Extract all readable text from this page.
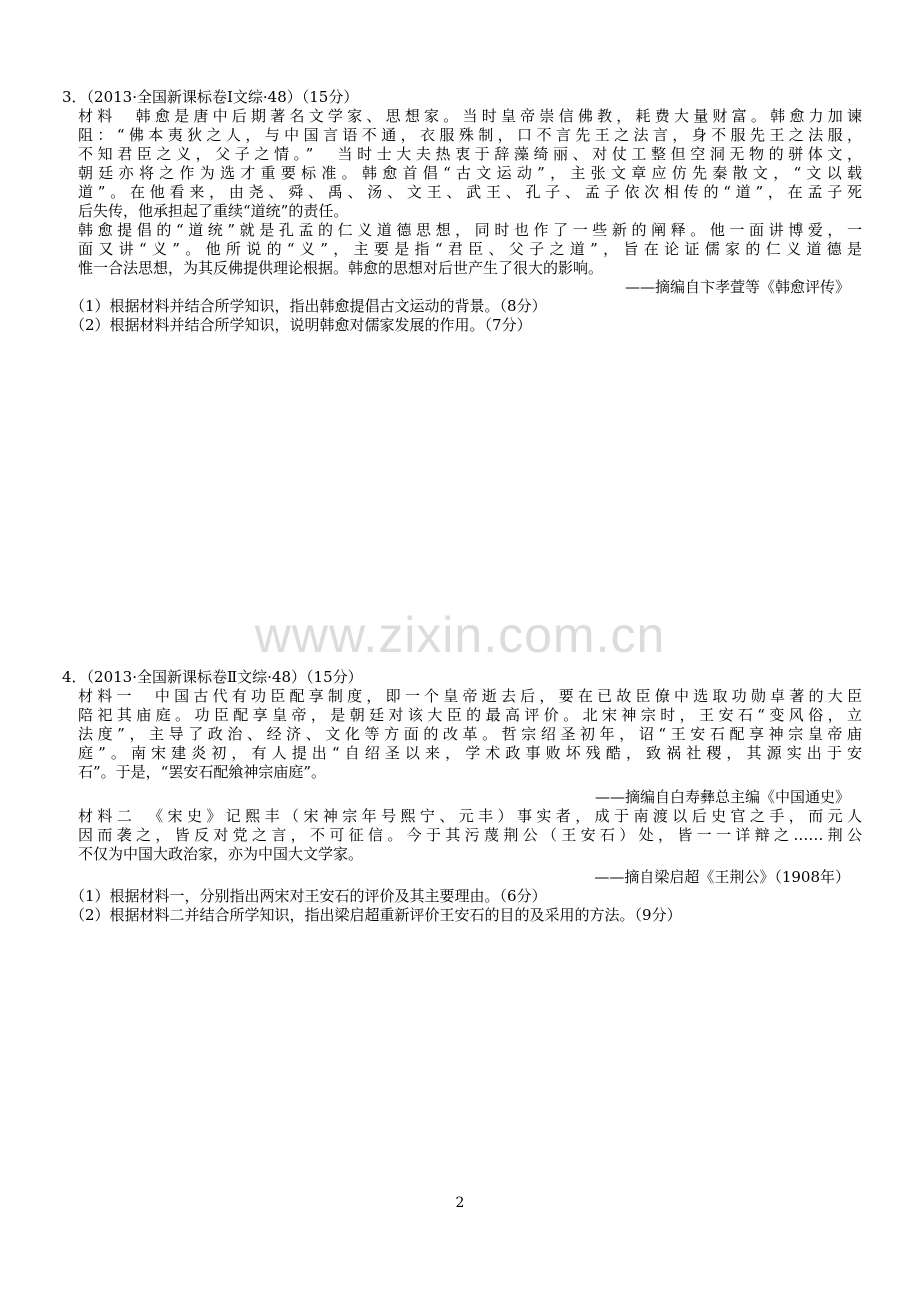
3．（2013·全国新课标卷Ⅰ文综·48）（15分）
材料　韩愈是唐中后期著名文学家、思想家。当时皇帝崇信佛教，耗费大量财富。韩愈力加谏
阻：“佛本夷狄之人，与中国言语不通，衣服殊制，口不言先王之法言，身不服先王之法服，
不知君臣之义，父子之情。”　当时士大夫热衷于辞藻绮丽、对仗工整但空洞无物的骈体文，
朝廷亦将之作为选才重要标准。韩愈首倡“古文运动”，主张文章应仿先秦散文，“文以载
道”。在他看来，由尧、舜、禹、汤、文王、武王、孔子、孟子依次相传的“道”，在孟子死
后失传，他承担起了重续“道统”的责任。
韩愈提倡的“道统”就是孔孟的仁义道德思想，同时也作了一些新的阐释。他一面讲博爱，一
面又讲“义”。他所说的“义”，主要是指“君臣、父子之道”，旨在论证儒家的仁义道德是
惟一合法思想，为其反佛提供理论根据。韩愈的思想对后世产生了很大的影响。
——摘编自卞孝萱等《韩愈评传》
（1）根据材料并结合所学知识，指出韩愈提倡古文运动的背景。（8分）
（2）根据材料并结合所学知识，说明韩愈对儒家发展的作用。（7分）
www.zixin.com.cn
4．（2013·全国新课标卷Ⅱ文综·48）（15分）
材料一　中国古代有功臣配享制度，即一个皇帝逝去后，要在已故臣僚中选取功勋卓著的大臣
陪祀其庙庭。功臣配享皇帝，是朝廷对该大臣的最高评价。北宋神宗时，王安石“变风俗，立
法度”，主导了政治、经济、文化等方面的改革。哲宗绍圣初年，诏“王安石配享神宗皇帝庙
庭”。南宋建炎初，有人提出“自绍圣以来，学术政事败坏残酷，致祸社稷，其源实出于安
石”。于是，“罢安石配飨神宗庙庭”。
——摘编自白寿彝总主编《中国通史》
材料二　《宋史》记熙丰（宋神宗年号熙宁、元丰）事实者，成于南渡以后史官之手，而元人
因而袭之，皆反对党之言，不可征信。今于其污蔑荆公（王安石）处，皆一一详辩之……荆公
不仅为中国大政治家，亦为中国大文学家。
——摘自梁启超《王荆公》（1908年）
（1）根据材料一，分别指出两宋对王安石的评价及其主要理由。（6分）
（2）根据材料二并结合所学知识，指出梁启超重新评价王安石的目的及采用的方法。（9分）
2
